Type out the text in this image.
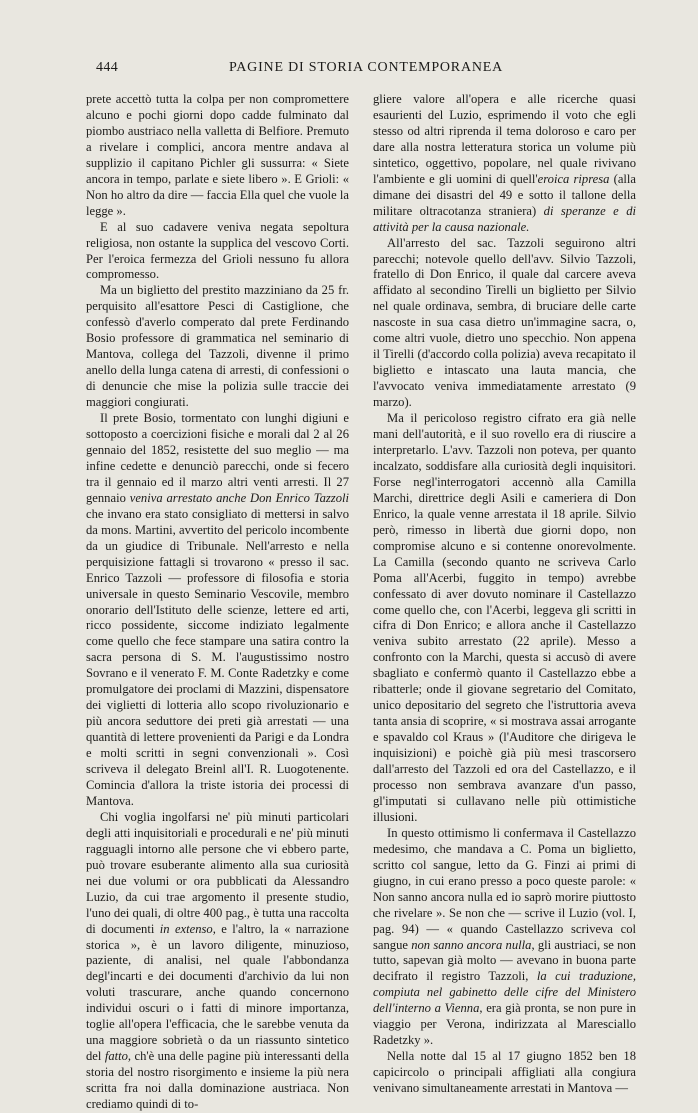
444	PAGINE DI STORIA CONTEMPORANEA

prete accettò tutta la colpa per non compromettere alcuno e pochi giorni dopo cadde fulminato dal piombo austriaco nella valletta di Belfiore. Premuto a rivelare i complici, ancora mentre andava al supplizio il capitano Pichler gli sussurra: « Siete ancora in tempo, parlate e siete libero ». E Grioli: « Non ho altro da dire — faccia Ella quel che vuole la legge ».

E al suo cadavere veniva negata sepoltura religiosa, non ostante la supplica del vescovo Corti. Per l'eroica fermezza del Grioli nessuno fu allora compromesso.

Ma un biglietto del prestito mazziniano da 25 fr. perquisito all'esattore Pesci di Castiglione, che confessò d'averlo comperato dal prete Ferdinando Bosio professore di grammatica nel seminario di Mantova, collega del Tazzoli, divenne il primo anello della lunga catena di arresti, di confessioni o di denuncie che mise la polizia sulle traccie dei maggiori congiurati.

Il prete Bosio, tormentato con lunghi digiuni e sottoposto a coercizioni fisiche e morali dal 2 al 26 gennaio del 1852, resistette del suo meglio — ma infine cedette e denunciò parecchi, onde si fecero tra il gennaio ed il marzo altri venti arresti. Il 27 gennaio veniva arrestato anche Don Enrico Tazzoli che invano era stato consigliato di mettersi in salvo da mons. Martini, avvertito del pericolo incombente da un giudice di Tribunale. Nell'arresto e nella perquisizione fattagli si trovarono « presso il sac. Enrico Tazzoli — professore di filosofia e storia universale in questo Seminario Vescovile, membro onorario dell'Istituto delle scienze, lettere ed arti, ricco possidente, siccome indiziato legalmente come quello che fece stampare una satira contro la sacra persona di S. M. l'augustissimo nostro Sovrano e il venerato F. M. Conte Radetzky e come promulgatore dei proclami di Mazzini, dispensatore dei viglietti di lotteria allo scopo rivoluzionario e più ancora seduttore dei preti già arrestati — una quantità di lettere provenienti da Parigi e da Londra e molti scritti in segni convenzionali ». Così scriveva il delegato Breinl all'I. R. Luogotenente. Comincia d'allora la triste istoria dei processi di Mantova.

Chi voglia ingolfarsi ne' più minuti particolari degli atti inquisitoriali e procedurali e ne' più minuti ragguagli intorno alle persone che vi ebbero parte, può trovare esuberante alimento alla sua curiosità nei due volumi or ora pubblicati da Alessandro Luzio, da cui trae argomento il presente studio, l'uno dei quali, di oltre 400 pag., è tutta una raccolta di documenti in extenso, e l'altro, la « narrazione storica », è un lavoro diligente, minuzioso, paziente, di analisi, nel quale l'abbondanza degl'incarti e dei documenti d'archivio da lui non voluti trascurare, anche quando concernono individui oscuri o i fatti di minore importanza, toglie all'opera l'efficacia, che le sarebbe venuta da una maggiore sobrietà o da un riassunto sintetico del fatto, ch'è una delle pagine più interessanti della storia del nostro risorgimento e insieme la più nera scritta fra noi dalla dominazione austriaca. Non crediamo quindi di to-

gliere valore all'opera e alle ricerche quasi esaurienti del Luzio, esprimendo il voto che egli stesso od altri riprenda il tema doloroso e caro per dare alla nostra letteratura storica un volume più sintetico, oggettivo, popolare, nel quale rivivano l'ambiente e gli uomini di quell'eroica ripresa (alla dimane dei disastri del 49 e sotto il tallone della militare oltracotanza straniera) di speranze e di attività per la causa nazionale.

All'arresto del sac. Tazzoli seguirono altri parecchi; notevole quello dell'avv. Silvio Tazzoli, fratello di Don Enrico, il quale dal carcere aveva affidato al secondino Tirelli un biglietto per Silvio nel quale ordinava, sembra, di bruciare delle carte nascoste in sua casa dietro un'immagine sacra, o, come altri vuole, dietro uno specchio. Non appena il Tirelli (d'accordo colla polizia) aveva recapitato il biglietto e intascato una lauta mancia, che l'avvocato veniva immediatamente arrestato (9 marzo).

Ma il pericoloso registro cifrato era già nelle mani dell'autorità, e il suo rovello era di riuscire a interpretarlo. L'avv. Tazzoli non poteva, per quanto incalzato, soddisfare alla curiosità degli inquisitori. Forse negl'interrogatori accennò alla Camilla Marchi, direttrice degli Asili e cameriera di Don Enrico, la quale venne arrestata il 18 aprile. Silvio però, rimesso in libertà due giorni dopo, non compromise alcuno e si contenne onorevolmente. La Camilla (secondo quanto ne scriveva Carlo Poma all'Acerbi, fuggito in tempo) avrebbe confessato di aver dovuto nominare il Castellazzo come quello che, con l'Acerbi, leggeva gli scritti in cifra di Don Enrico; e allora anche il Castellazzo veniva subito arrestato (22 aprile). Messo a confronto con la Marchi, questa si accusò di avere sbagliato e confermò quanto il Castellazzo ebbe a ribatterle; onde il giovane segretario del Comitato, unico depositario del segreto che l'istruttoria aveva tanta ansia di scoprire, « si mostrava assai arrogante e spavaldo col Kraus » (l'Auditore che dirigeva le inquisizioni) e poichè già più mesi trascorsero dall'arresto del Tazzoli ed ora del Castellazzo, e il processo non sembrava avanzare d'un passo, gl'imputati si cullavano nelle più ottimistiche illusioni.

In questo ottimismo li confermava il Castellazzo medesimo, che mandava a C. Poma un biglietto, scritto col sangue, letto da G. Finzi ai primi di giugno, in cui erano presso a poco queste parole: « Non sanno ancora nulla ed io saprò morire piuttosto che rivelare ». Se non che — scrive il Luzio (vol. I, pag. 94) — « quando Castellazzo scriveva col sangue non sanno ancora nulla, gli austriaci, se non tutto, sapevan già molto — avevano in buona parte decifrato il registro Tazzoli, la cui traduzione, compiuta nel gabinetto delle cifre del Ministero dell'interno a Vienna, era già pronta, se non pure in viaggio per Verona, indirizzata al Maresciallo Radetzky ».

Nella notte dal 15 al 17 giugno 1852 ben 18 capicircolo o principali affigliati alla congiura venivano simultaneamente arrestati in Mantova —
